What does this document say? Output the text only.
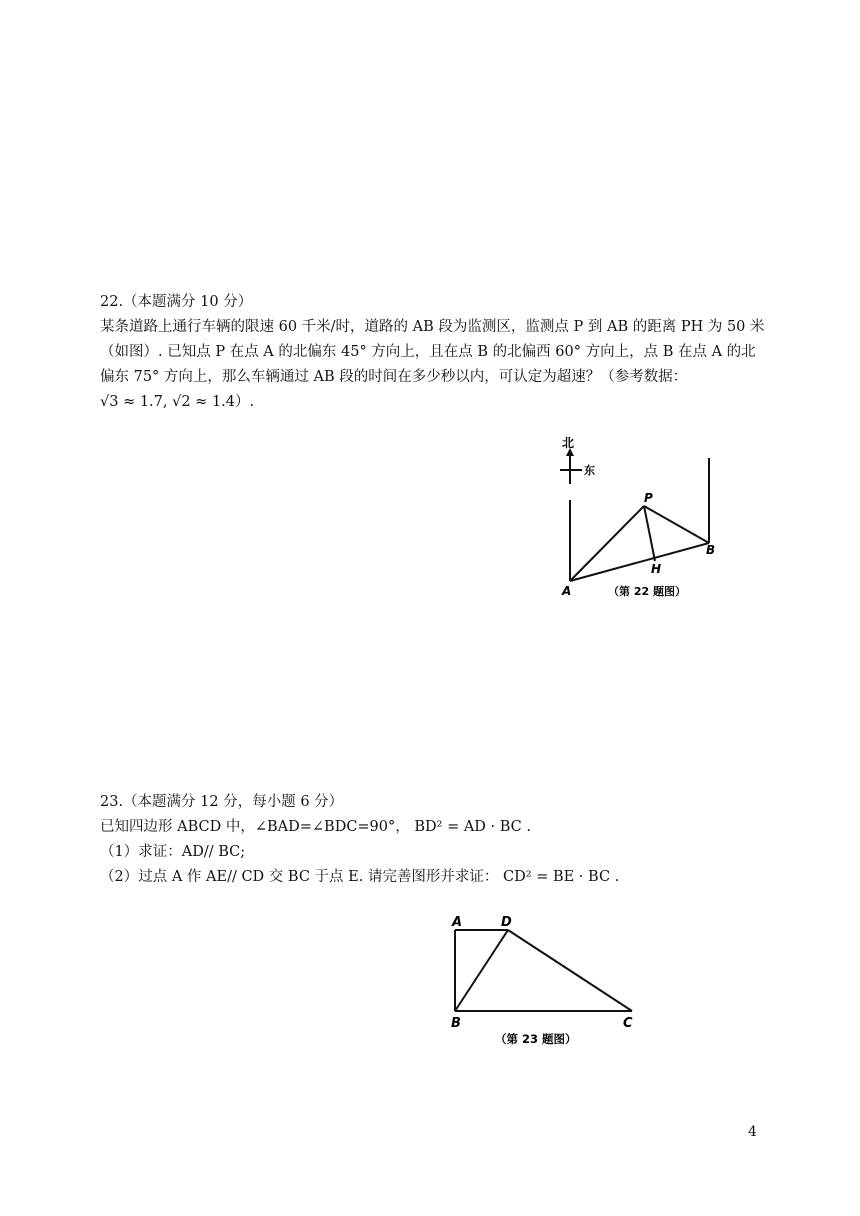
22.（本题满分 10 分）

某条道路上通行车辆的限速 60 千米/时，道路的 AB 段为监测区，监测点 P 到 AB 的距离 PH 为 50 米

（如图）. 已知点 P 在点 A 的北偏东 45° 方向上，且在点 B 的北偏西 60° 方向上，点 B 在点 A 的北

偏东 75° 方向上，那么车辆通过 AB 段的时间在多少秒以内，可认定为超速？（参考数据：

√3 ≈ 1.7, √2 ≈ 1.4）.

北
东
P
B
H
A	（第 22 题图）

23.（本题满分 12 分，每小题 6 分）

已知四边形 ABCD 中，∠BAD=∠BDC=90°， BD² = AD · BC .

（1）求证：AD// BC;

（2）过点 A 作 AE// CD 交 BC 于点 E. 请完善图形并求证： CD² = BE · BC .

A	D
B	C
（第 23 题图）
4
